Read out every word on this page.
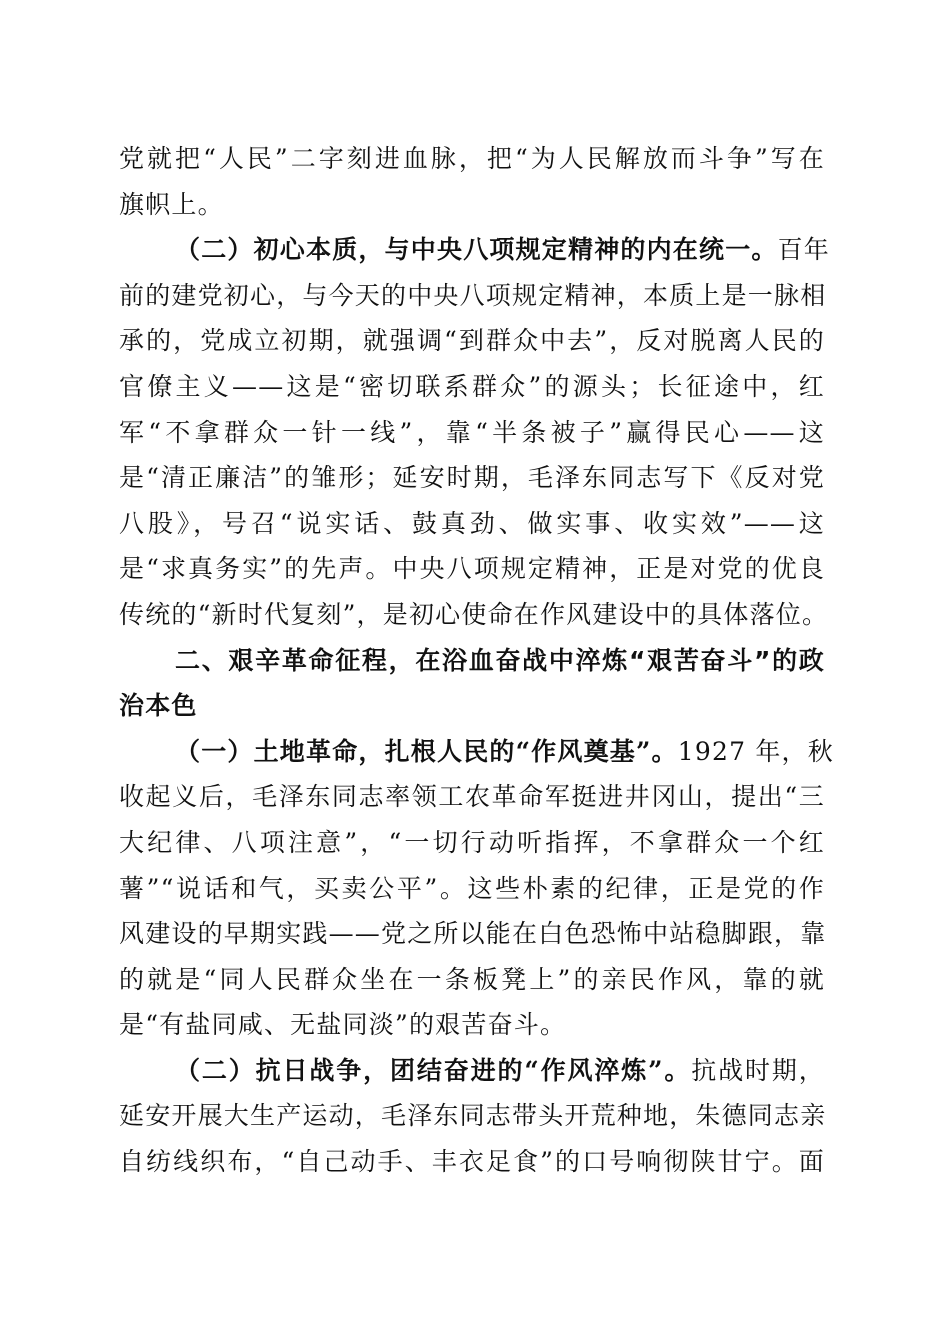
党就把“人民”二字刻进血脉，把“为人民解放而斗争”写在
旗帜上。
（二）初心本质，与中央八项规定精神的内在统一。百年
前的建党初心，与今天的中央八项规定精神，本质上是一脉相
承的，党成立初期，就强调“到群众中去”，反对脱离人民的
官僚主义——这是“密切联系群众”的源头；长征途中，红
军“不拿群众一针一线”，靠“半条被子”赢得民心——这
是“清正廉洁”的雏形；延安时期，毛泽东同志写下《反对党
八股》，号召“说实话、鼓真劲、做实事、收实效”——这
是“求真务实”的先声。中央八项规定精神，正是对党的优良
传统的“新时代复刻”，是初心使命在作风建设中的具体落位。
二、艰辛革命征程，在浴血奋战中淬炼“艰苦奋斗”的政
治本色
（一）土地革命，扎根人民的“作风奠基”。1927 年，秋
收起义后，毛泽东同志率领工农革命军挺进井冈山，提出“三
大纪律、八项注意”，“一切行动听指挥，不拿群众一个红
薯”“说话和气，买卖公平”。这些朴素的纪律，正是党的作
风建设的早期实践——党之所以能在白色恐怖中站稳脚跟，靠
的就是“同人民群众坐在一条板凳上”的亲民作风，靠的就
是“有盐同咸、无盐同淡”的艰苦奋斗。
（二）抗日战争，团结奋进的“作风淬炼”。抗战时期，
延安开展大生产运动，毛泽东同志带头开荒种地，朱德同志亲
自纺线织布，“自己动手、丰衣足食”的口号响彻陕甘宁。面
